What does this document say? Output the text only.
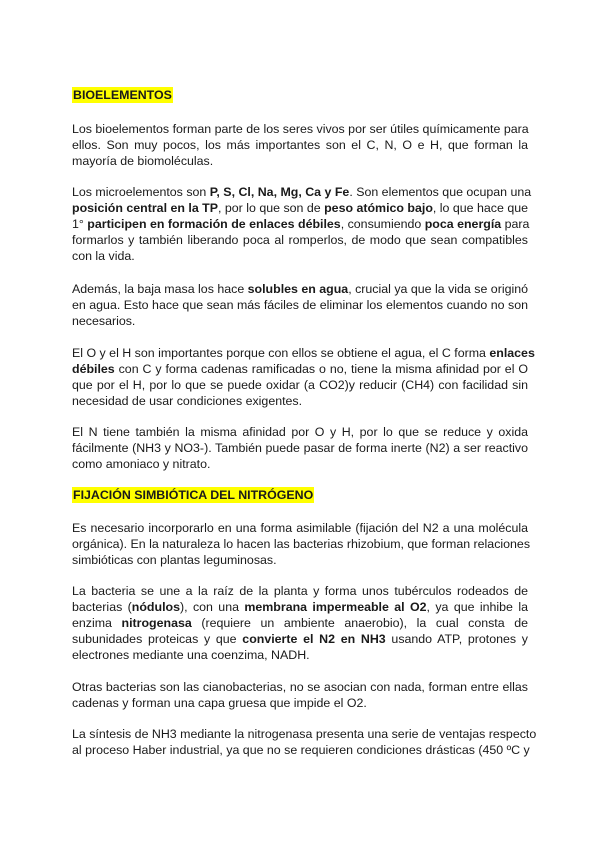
BIOELEMENTOS
Los bioelementos forman parte de los seres vivos por ser útiles químicamente para
ellos. Son muy pocos, los más importantes son el C, N, O e H, que forman la
mayoría de biomoléculas.
Los microelementos son P, S, Cl, Na, Mg, Ca y Fe. Son elementos que ocupan una
posición central en la TP, por lo que son de peso atómico bajo, lo que hace que
1° participen en formación de enlaces débiles, consumiendo poca energía para
formarlos y también liberando poca al romperlos, de modo que sean compatibles
con la vida.
Además, la baja masa los hace solubles en agua, crucial ya que la vida se originó
en agua. Esto hace que sean más fáciles de eliminar los elementos cuando no son
necesarios.
El O y el H son importantes porque con ellos se obtiene el agua, el C forma enlaces
débiles con C y forma cadenas ramificadas o no, tiene la misma afinidad por el O
que por el H, por lo que se puede oxidar (a CO2)y reducir (CH4) con facilidad sin
necesidad de usar condiciones exigentes.
El N tiene también la misma afinidad por O y H, por lo que se reduce y oxida
fácilmente (NH3 y NO3-). También puede pasar de forma inerte (N2) a ser reactivo
como amoniaco y nitrato.
FIJACIÓN SIMBIÓTICA DEL NITRÓGENO
Es necesario incorporarlo en una forma asimilable (fijación del N2 a una molécula
orgánica). En la naturaleza lo hacen las bacterias rhizobium, que forman relaciones
simbióticas con plantas leguminosas.
La bacteria se une a la raíz de la planta y forma unos tubérculos rodeados de
bacterias (nódulos), con una membrana impermeable al O2, ya que inhibe la
enzima nitrogenasa (requiere un ambiente anaerobio), la cual consta de
subunidades proteicas y que convierte el N2 en NH3 usando ATP, protones y
electrones mediante una coenzima, NADH.
Otras bacterias son las cianobacterias, no se asocian con nada, forman entre ellas
cadenas y forman una capa gruesa que impide el O2.
La síntesis de NH3 mediante la nitrogenasa presenta una serie de ventajas respecto
al proceso Haber industrial, ya que no se requieren condiciones drásticas (450 ºC y
